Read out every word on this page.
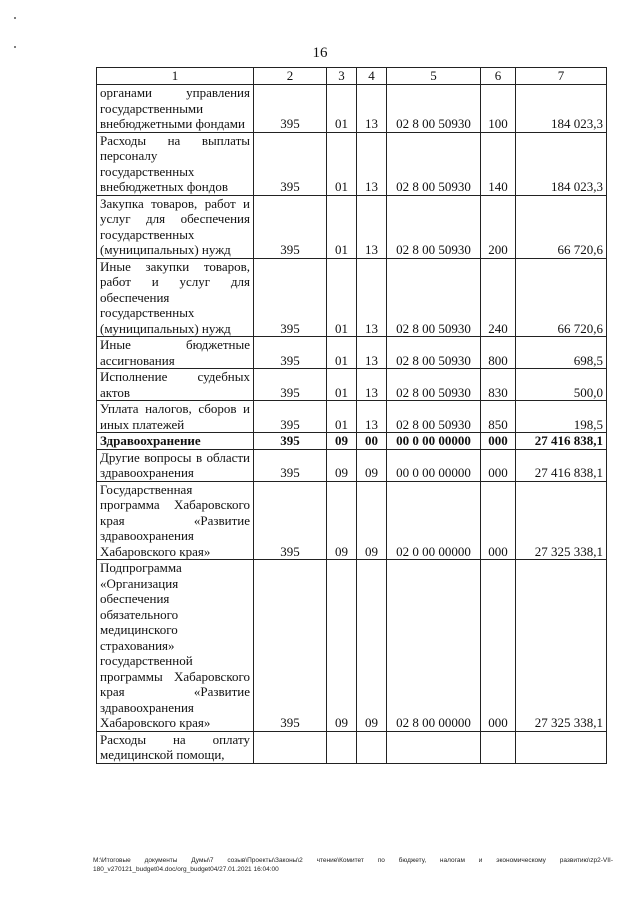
16
1	2	3	4	5	6	7
органами управления государственными внебюджетными фондами	395	01	13	02 8 00 50930	100	184 023,3
Расходы на выплаты персоналу государственных внебюджетных фондов	395	01	13	02 8 00 50930	140	184 023,3
Закупка товаров, работ и услуг для обеспечения государственных (муниципальных) нужд	395	01	13	02 8 00 50930	200	66 720,6
Иные закупки товаров, работ и услуг для обеспечения государственных (муниципальных) нужд	395	01	13	02 8 00 50930	240	66 720,6
Иные бюджетные ассигнования	395	01	13	02 8 00 50930	800	698,5
Исполнение судебных актов	395	01	13	02 8 00 50930	830	500,0
Уплата налогов, сборов и иных платежей	395	01	13	02 8 00 50930	850	198,5
Здравоохранение	395	09	00	00 0 00 00000	000	27 416 838,1
Другие вопросы в области здравоохранения	395	09	09	00 0 00 00000	000	27 416 838,1
Государственная программа Хабаровского края «Развитие здравоохранения Хабаровского края»	395	09	09	02 0 00 00000	000	27 325 338,1
Подпрограмма «Организация обеспечения обязательного медицинского страхования» государственной программы Хабаровского края «Развитие здравоохранения Хабаровского края»	395	09	09	02 8 00 00000	000	27 325 338,1
Расходы на оплату медицинской помощи,						
М:\Итоговые документы Думы\7 созыв\Проекты\Законы\2 чтение\Комитет по бюджету, налогам и экономическому развитию\zp2-VII-180_v270121_budget04.doc/org_budget04/27.01.2021 16:04:00
